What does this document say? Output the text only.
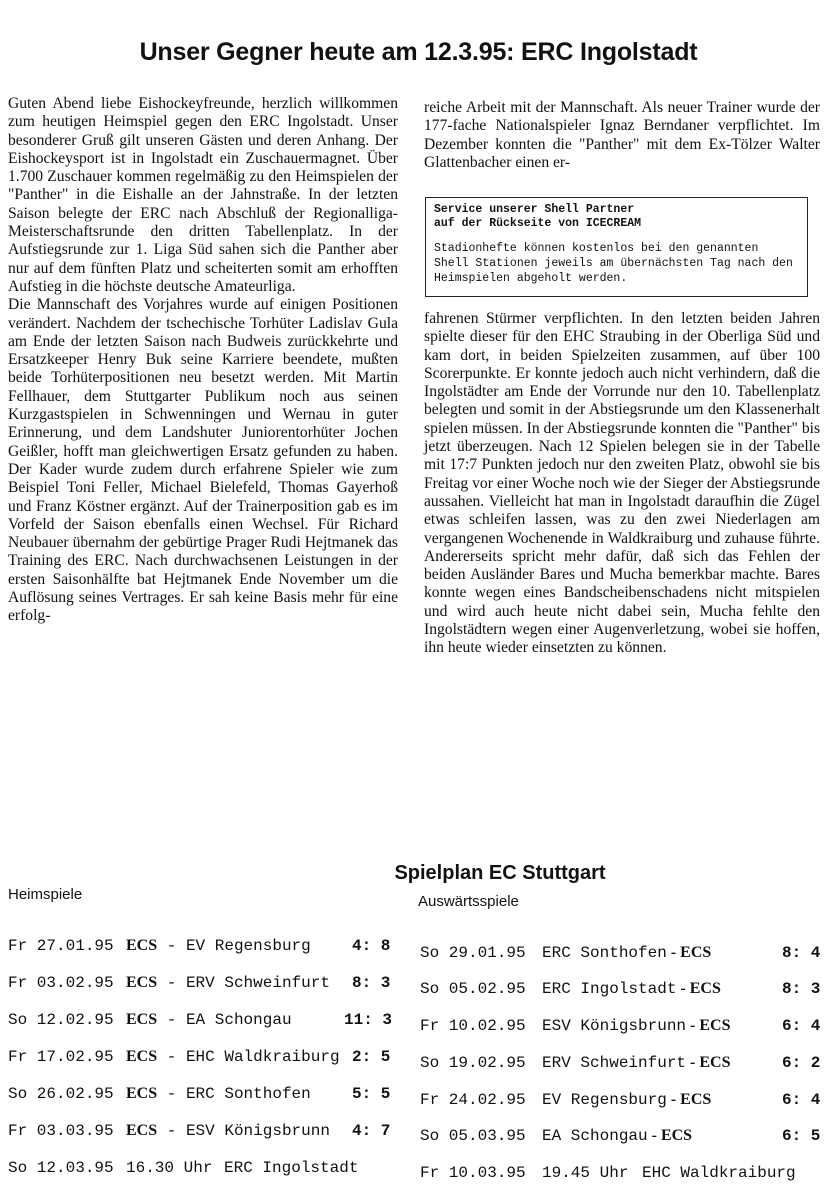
Unser Gegner heute am 12.3.95: ERC Ingolstadt

Guten Abend liebe Eishockeyfreunde, herzlich willkommen zum heutigen Heimspiel gegen den ERC Ingolstadt. Unser besonderer Gruß gilt unseren Gästen und deren Anhang. Der Eishockeysport ist in Ingolstadt ein Zuschauermagnet. Über 1.700 Zuschauer kommen regelmäßig zu den Heimspielen der "Panther" in die Eishalle an der Jahnstraße. In der letzten Saison belegte der ERC nach Abschluß der Regionalliga-Meisterschaftsrunde den dritten Tabellenplatz. In der Aufstiegsrunde zur 1. Liga Süd sahen sich die Panther aber nur auf dem fünften Platz und scheiterten somit am erhofften Aufstieg in die höchste deutsche Amateurliga.

Die Mannschaft des Vorjahres wurde auf einigen Positionen verändert. Nachdem der tschechische Torhüter Ladislav Gula am Ende der letzten Saison nach Budweis zurückkehrte und Ersatzkeeper Henry Buk seine Karriere beendete, mußten beide Torhüterpositionen neu besetzt werden. Mit Martin Fellhauer, dem Stuttgarter Publikum noch aus seinen Kurzgastspielen in Schwenningen und Wernau in guter Erinnerung, und dem Landshuter Juniorentorhüter Jochen Geißler, hofft man gleichwertigen Ersatz gefunden zu haben. Der Kader wurde zudem durch erfahrene Spieler wie zum Beispiel Toni Feller, Michael Bielefeld, Thomas Gayerhoß und Franz Köstner ergänzt. Auf der Trainerposition gab es im Vorfeld der Saison ebenfalls einen Wechsel. Für Richard Neubauer übernahm der gebürtige Prager Rudi Hejtmanek das Training des ERC. Nach durchwachsenen Leistungen in der ersten Saisonhälfte bat Hejtmanek Ende November um die Auflösung seines Vertrages. Er sah keine Basis mehr für eine erfolg-

reiche Arbeit mit der Mannschaft. Als neuer Trainer wurde der 177-fache Nationalspieler Ignaz Berndaner verpflichtet. Im Dezember konnten die "Panther" mit dem Ex-Tölzer Walter Glattenbacher einen er-

Service unserer Shell Partner
auf der Rückseite von ICECREAM
Stadionhefte können kostenlos bei den genannten Shell Stationen jeweils am übernächsten Tag nach den Heimspielen abgeholt werden.

fahrenen Stürmer verpflichten. In den letzten beiden Jahren spielte dieser für den EHC Straubing in der Oberliga Süd und kam dort, in beiden Spielzeiten zusammen, auf über 100 Scorerpunkte. Er konnte jedoch auch nicht verhindern, daß die Ingolstädter am Ende der Vorrunde nur den 10. Tabellenplatz belegten und somit in der Abstiegsrunde um den Klassenerhalt spielen müssen. In der Abstiegsrunde konnten die "Panther" bis jetzt überzeugen. Nach 12 Spielen belegen sie in der Tabelle mit 17:7 Punkten jedoch nur den zweiten Platz, obwohl sie bis Freitag vor einer Woche noch wie der Sieger der Abstiegsrunde aussahen. Vielleicht hat man in Ingolstadt daraufhin die Zügel etwas schleifen lassen, was zu den zwei Niederlagen am vergangenen Wochenende in Waldkraiburg und zuhause führte. Andererseits spricht mehr dafür, daß sich das Fehlen der beiden Ausländer Bares und Mucha bemerkbar machte. Bares konnte wegen eines Bandscheibenschadens nicht mitspielen und wird auch heute nicht dabei sein, Mucha fehlte den Ingolstädtern wegen einer Augenverletzung, wobei sie hoffen, ihn heute wieder einsetzten zu können.

Spielplan EC Stuttgart
Heimspiele	Auswärtsspiele
Fr 27.01.95 ECS - EV Regensburg	4: 8
Fr 03.02.95 ECS - ERV Schweinfurt 8: 3
So 12.02.95 ECS - EA Schongau	11: 3
Fr 17.02.95 ECS - EHC Waldkraiburg 2: 5
So 26.02.95 ECS - ERC Sonthofen	5: 5
Fr 03.03.95 ECS - ESV Königsbrunn 4: 7
So 12.03.95 16.30 Uhr ERC Ingolstadt
So 29.01.95 ERC Sonthofen - ECS	8: 4
So 05.02.95 ERC Ingolstadt - ECS	8: 3
Fr 10.02.95 ESV Königsbrunn - ECS	6: 4
So 19.02.95 ERV Schweinfurt - ECS	6: 2
Fr 24.02.95 EV Regensburg - ECS	6: 4
So 05.03.95 EA Schongau - ECS	6: 5
Fr 10.03.95 19.45 Uhr EHC Waldkraiburg
